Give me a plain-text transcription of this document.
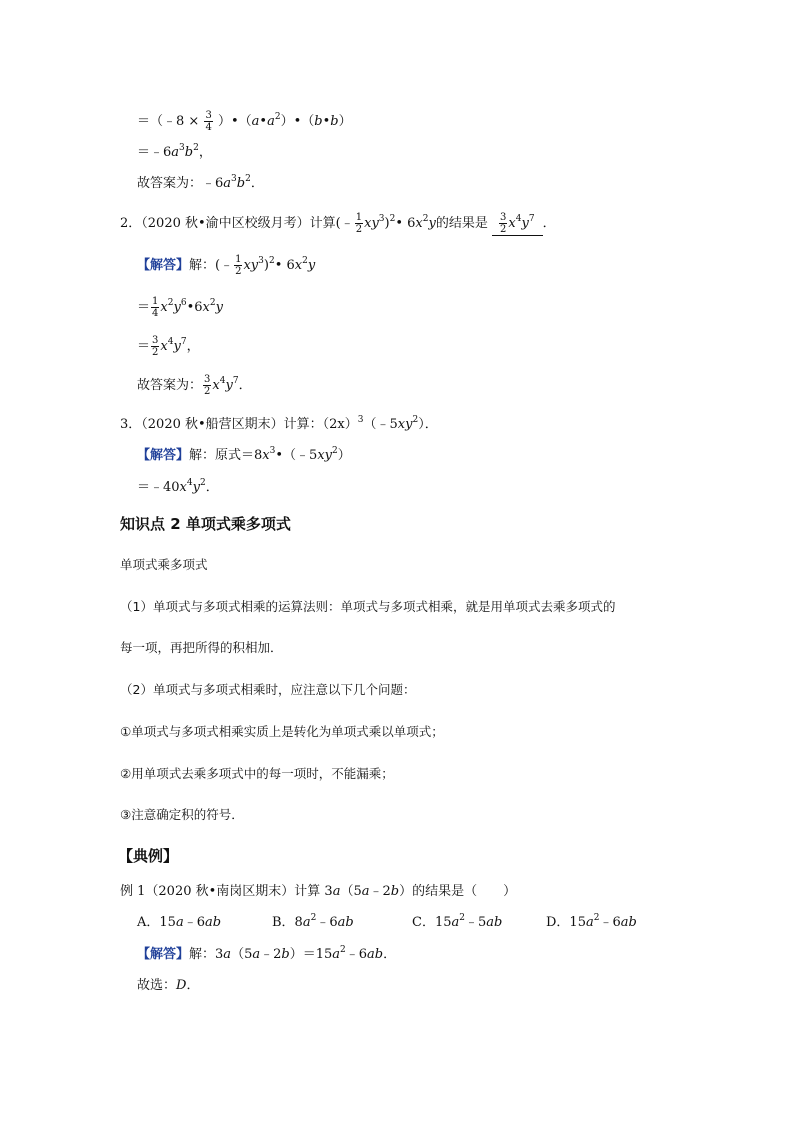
＝（﹣8 × $\frac{3}{4}$ ）$•(a•a^2)•(b•b)$
$=﹣6a^3b^2$，
故答案为：$﹣6a^3b^2$．
2．（2020 秋•渝中区校级月考）计算(﹣ $\frac{1}{2}$ $xy^3)^2•$ $6x^2y$的结果是 $\frac{3}{2} x^4y^7$ ．
【解答】解：(﹣ $\frac{1}{2}$ $xy^3)^2•$ $6x^2y$
＝ $\frac{1}{4}$ $x^2y^6•6x^2y$
＝ $\frac{3}{2} x^4y^7$，
故答案为： $\frac{3}{2} x^4y^7$．
3．（2020 秋•船营区期末）计算：$(2x)^3(﹣5xy^2)$．
【解答】解：原式$=8x^3•(﹣5xy^2)$
$=﹣40x^4y^2$．
知识点 2 单项式乘多项式
单项式乘多项式
（1）单项式与多项式相乘的运算法则：单项式与多项式相乘，就是用单项式去乘多项式的
每一项，再把所得的积相加．
（2）单项式与多项式相乘时，应注意以下几个问题：
①单项式与多项式相乘实质上是转化为单项式乘以单项式；
②用单项式去乘多项式中的每一项时，不能漏乘；
③注意确定积的符号．
【典例】
例 1（2020 秋•南岗区期末）计算 3a（5a﹣2b）的结果是（　　）
A．15a﹣6ab	B．$8a^2﹣6ab$	C．$15a^2﹣5ab$	D．$15a^2﹣6ab$
【解答】解：$3a(5a﹣2b)=15a^2﹣6ab$．
故选：D．
